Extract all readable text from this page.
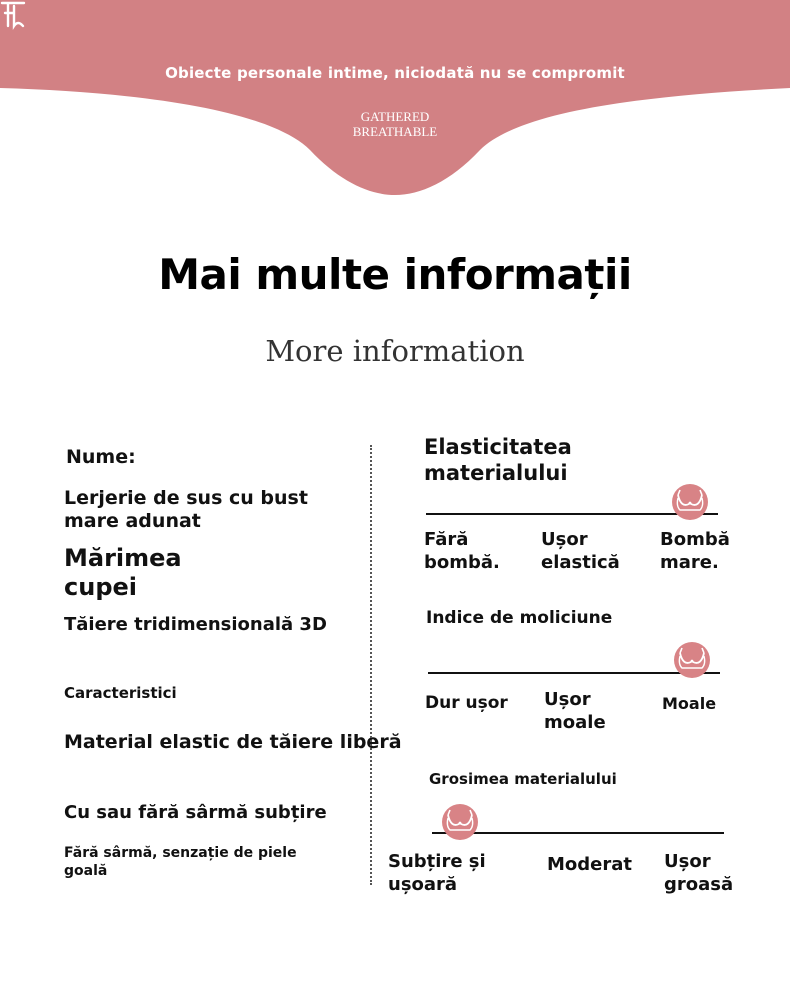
Obiecte personale intime, niciodată nu se compromit
GATHERED
BREATHABLE
Mai multe informații
More information
Nume:
Lerjerie de sus cu bust mare adunat
Mărimea cupei
Tăiere tridimensională 3D
Caracteristici
Material elastic de tăiere liberă
Cu sau fără sârmă subțire
Fără sârmă, senzație de piele goală
Elasticitatea materialului
Fără bombă.
Ușor elastică
Bombă mare.
Indice de moliciune
Dur ușor Ușor moale
Moale
Grosimea materialului
Subțire și ușoară
Moderat Ușor groasă
